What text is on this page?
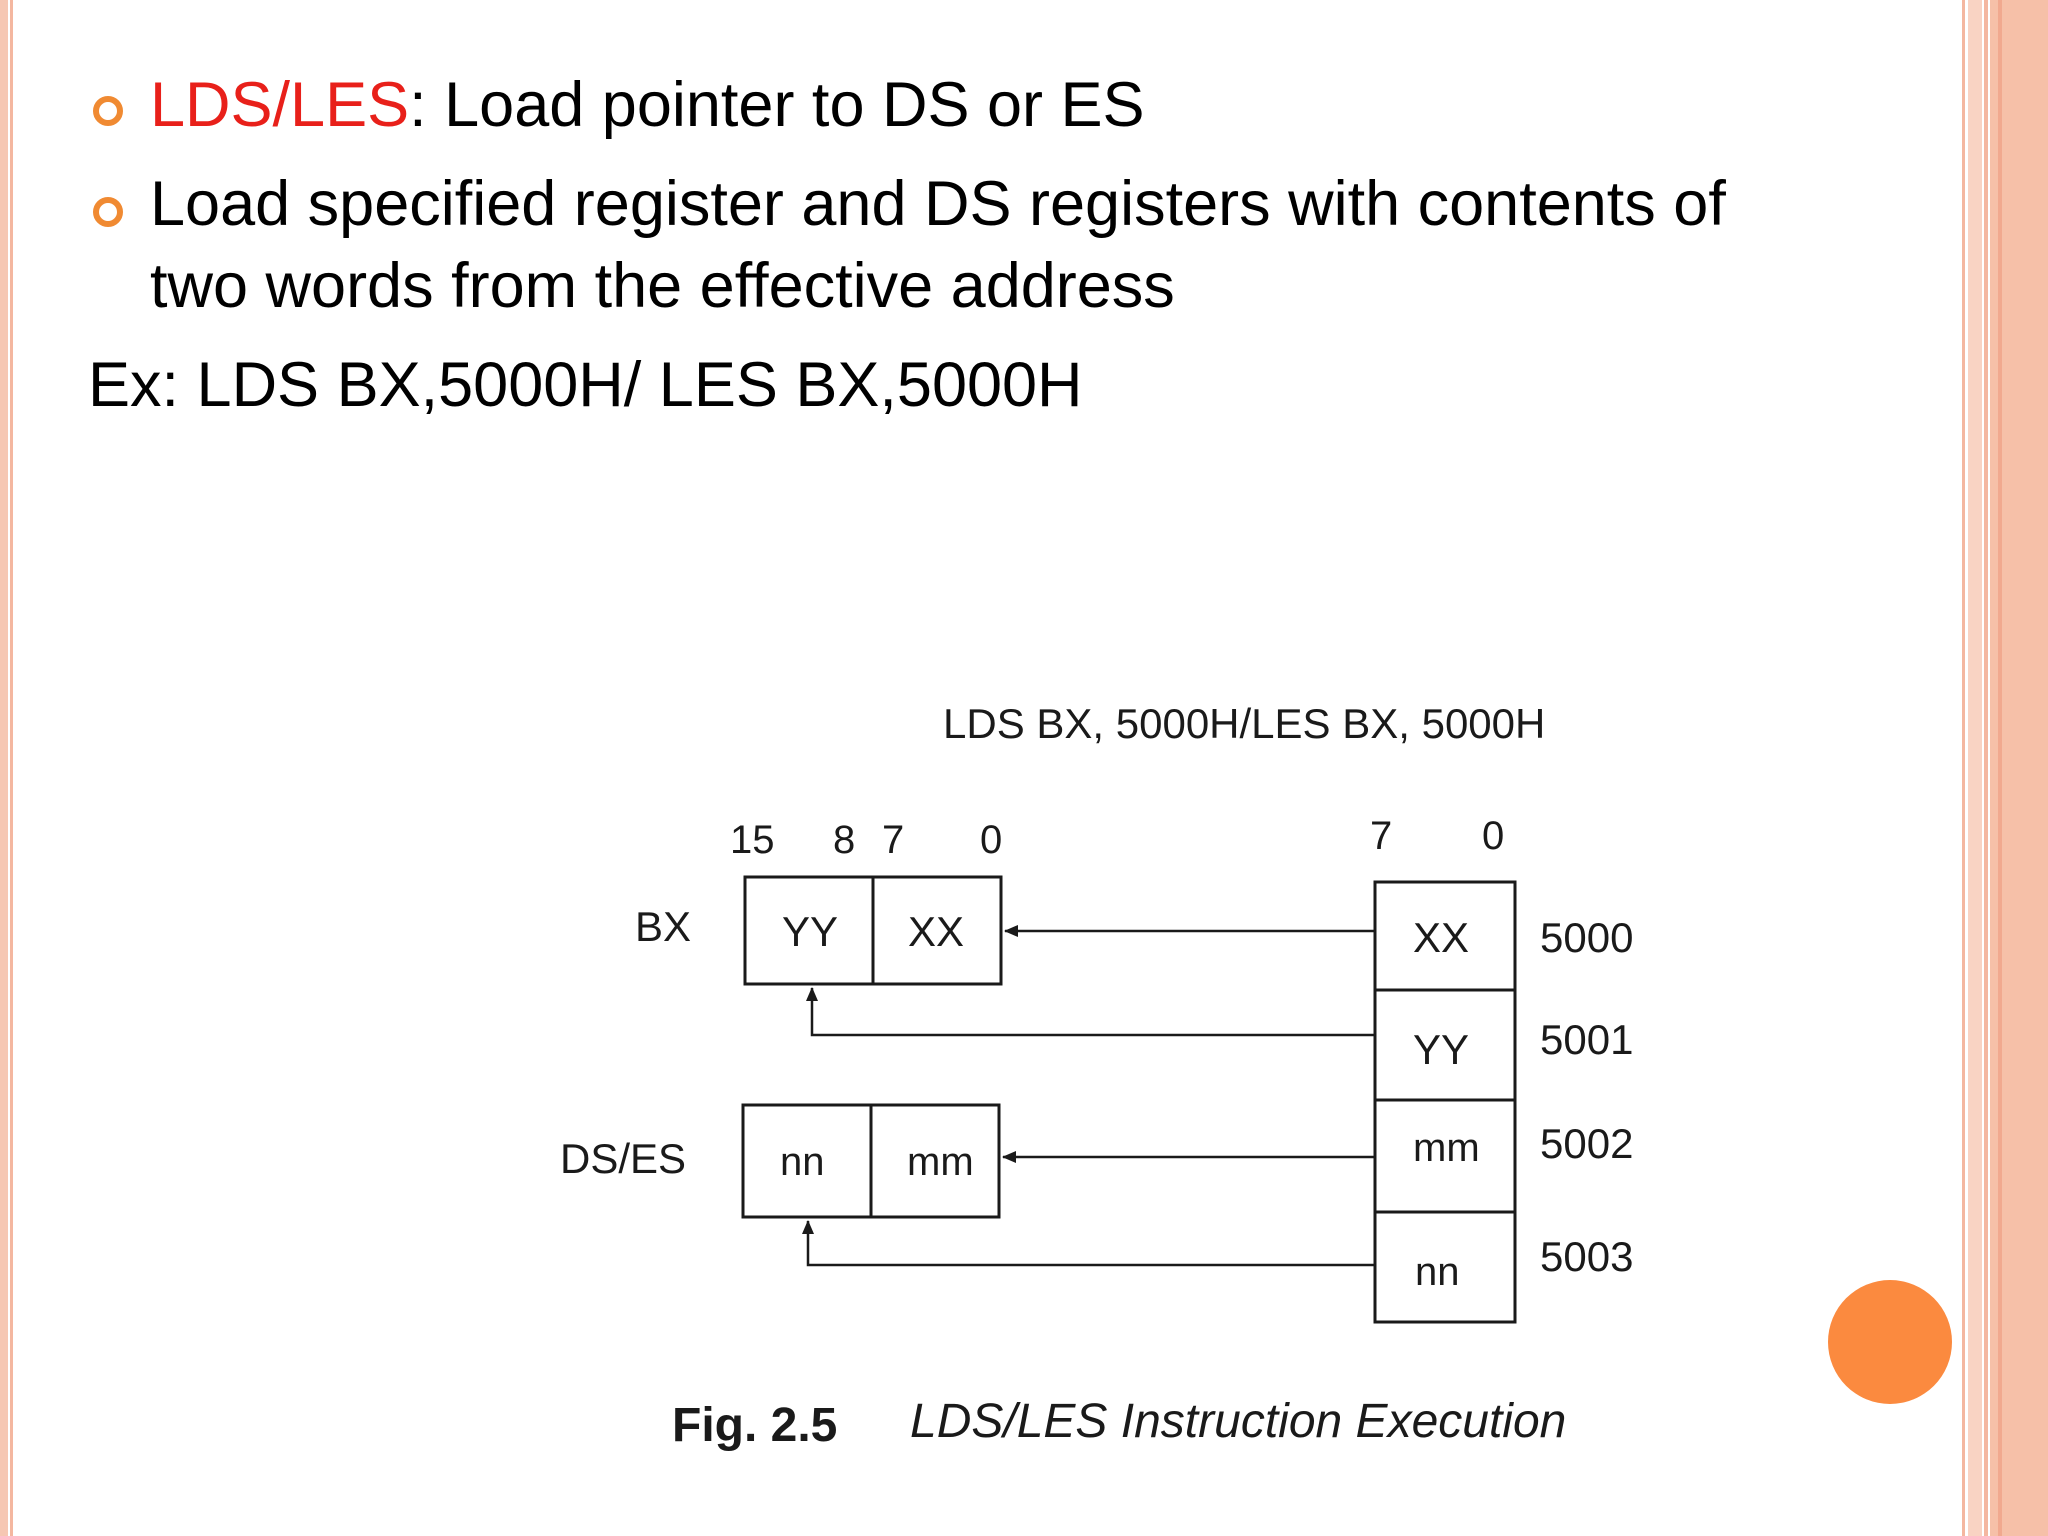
LDS/LES: Load pointer to DS or ES
Load specified register and DS registers with contents of
two words from the effective address
Ex: LDS BX,5000H/ LES BX,5000H
LDS BX, 5000H/LES BX, 5000H
15 8 7 0	7 0
BX YY XX
DS/ES nn mm
XX 5000
YY 5001
mm 5002
nn 5003
Fig. 2.5 LDS/LES Instruction Execution
